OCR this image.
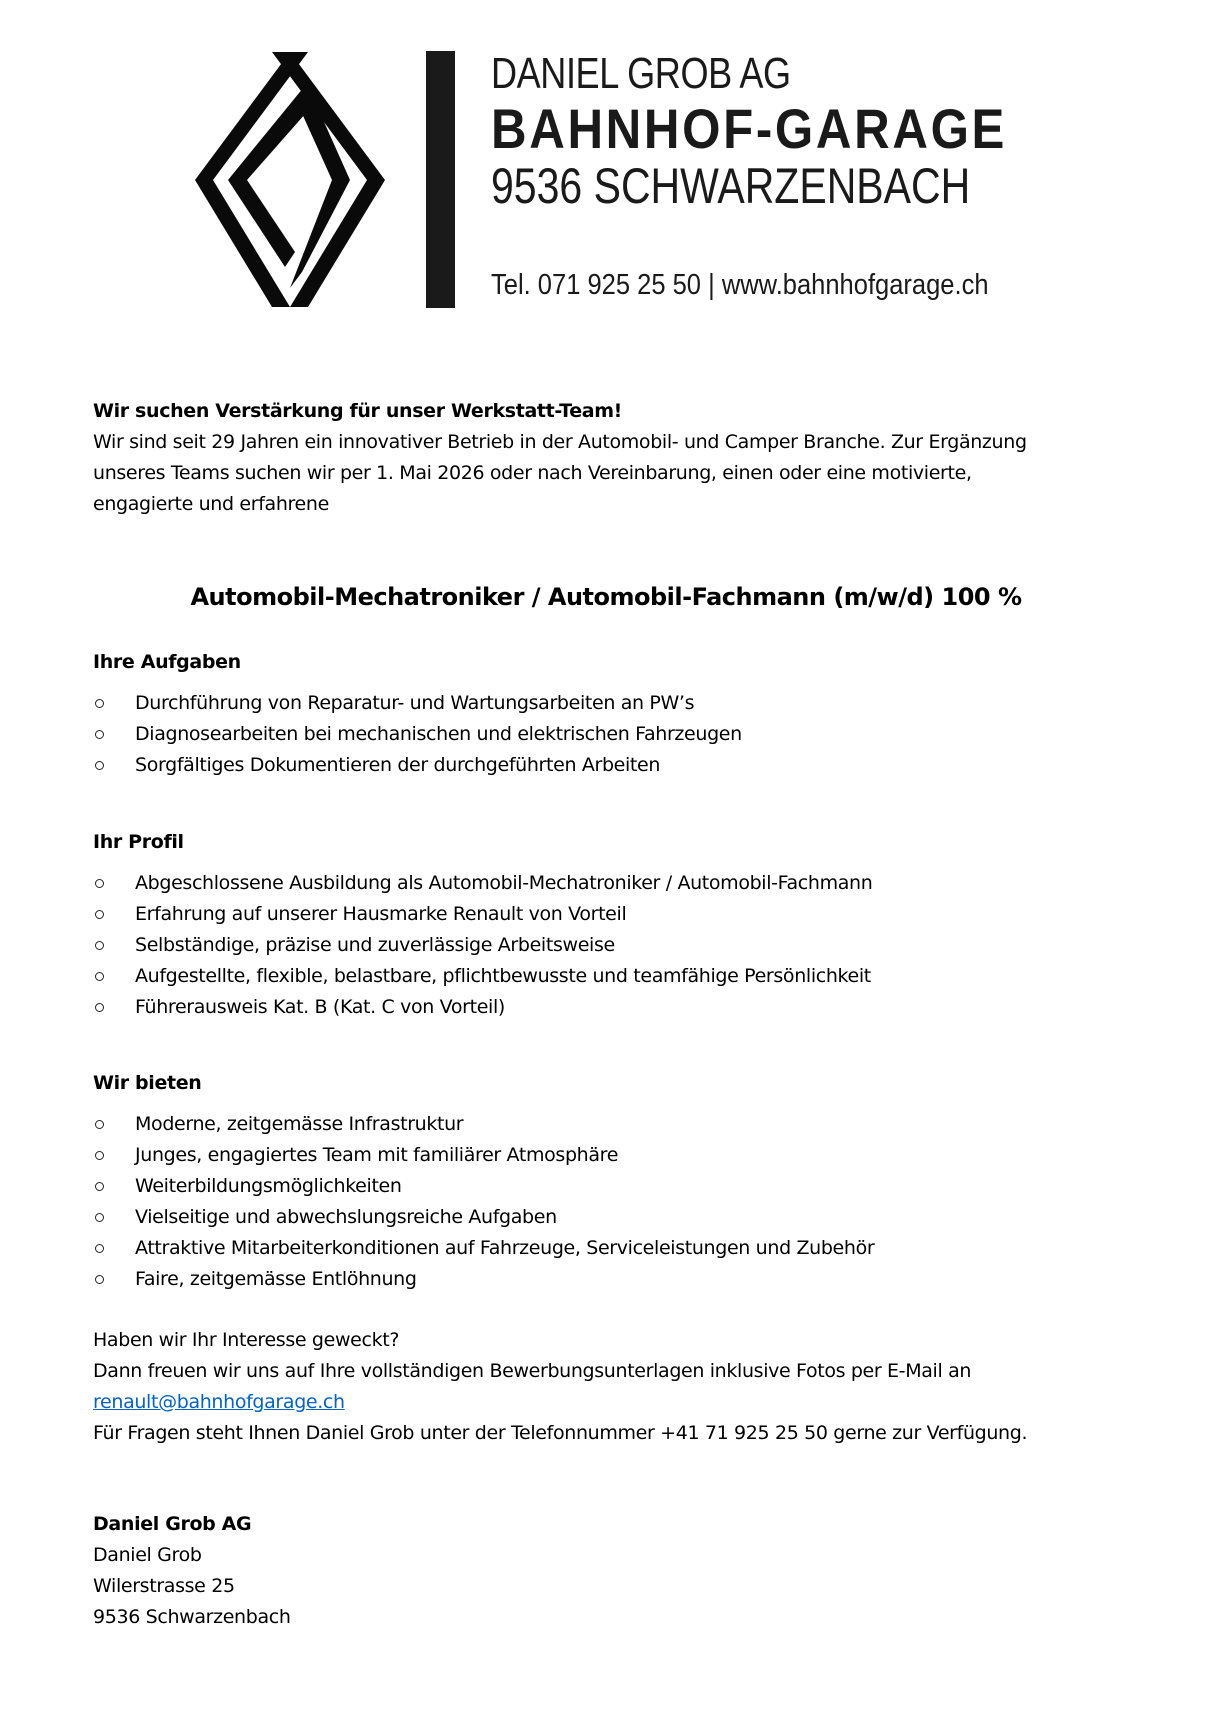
DANIEL GROB AG
BAHNHOF-GARAGE
9536 SCHWARZENBACH
Tel. 071 925 25 50 | www.bahnhofgarage.ch
Wir suchen Verstärkung für unser Werkstatt-Team!
Wir sind seit 29 Jahren ein innovativer Betrieb in der Automobil- und Camper Branche. Zur Ergänzung
unseres Teams suchen wir per 1. Mai 2026 oder nach Vereinbarung, einen oder eine motivierte,
engagierte und erfahrene
Automobil-Mechatroniker / Automobil-Fachmann (m/w/d) 100 %
Ihre Aufgaben
Durchführung von Reparatur- und Wartungsarbeiten an PW’s
Diagnosearbeiten bei mechanischen und elektrischen Fahrzeugen
Sorgfältiges Dokumentieren der durchgeführten Arbeiten
Ihr Profil
Abgeschlossene Ausbildung als Automobil-Mechatroniker / Automobil-Fachmann
Erfahrung auf unserer Hausmarke Renault von Vorteil
Selbständige, präzise und zuverlässige Arbeitsweise
Aufgestellte, flexible, belastbare, pflichtbewusste und teamfähige Persönlichkeit
Führerausweis Kat. B (Kat. C von Vorteil)
Wir bieten
Moderne, zeitgemässe Infrastruktur
Junges, engagiertes Team mit familiärer Atmosphäre
Weiterbildungsmöglichkeiten
Vielseitige und abwechslungsreiche Aufgaben
Attraktive Mitarbeiterkonditionen auf Fahrzeuge, Serviceleistungen und Zubehör
Faire, zeitgemässe Entlöhnung
Haben wir Ihr Interesse geweckt?
Dann freuen wir uns auf Ihre vollständigen Bewerbungsunterlagen inklusive Fotos per E-Mail an
renault@bahnhofgarage.ch
Für Fragen steht Ihnen Daniel Grob unter der Telefonnummer +41 71 925 25 50 gerne zur Verfügung.
Daniel Grob AG
Daniel Grob
Wilerstrasse 25
9536 Schwarzenbach
